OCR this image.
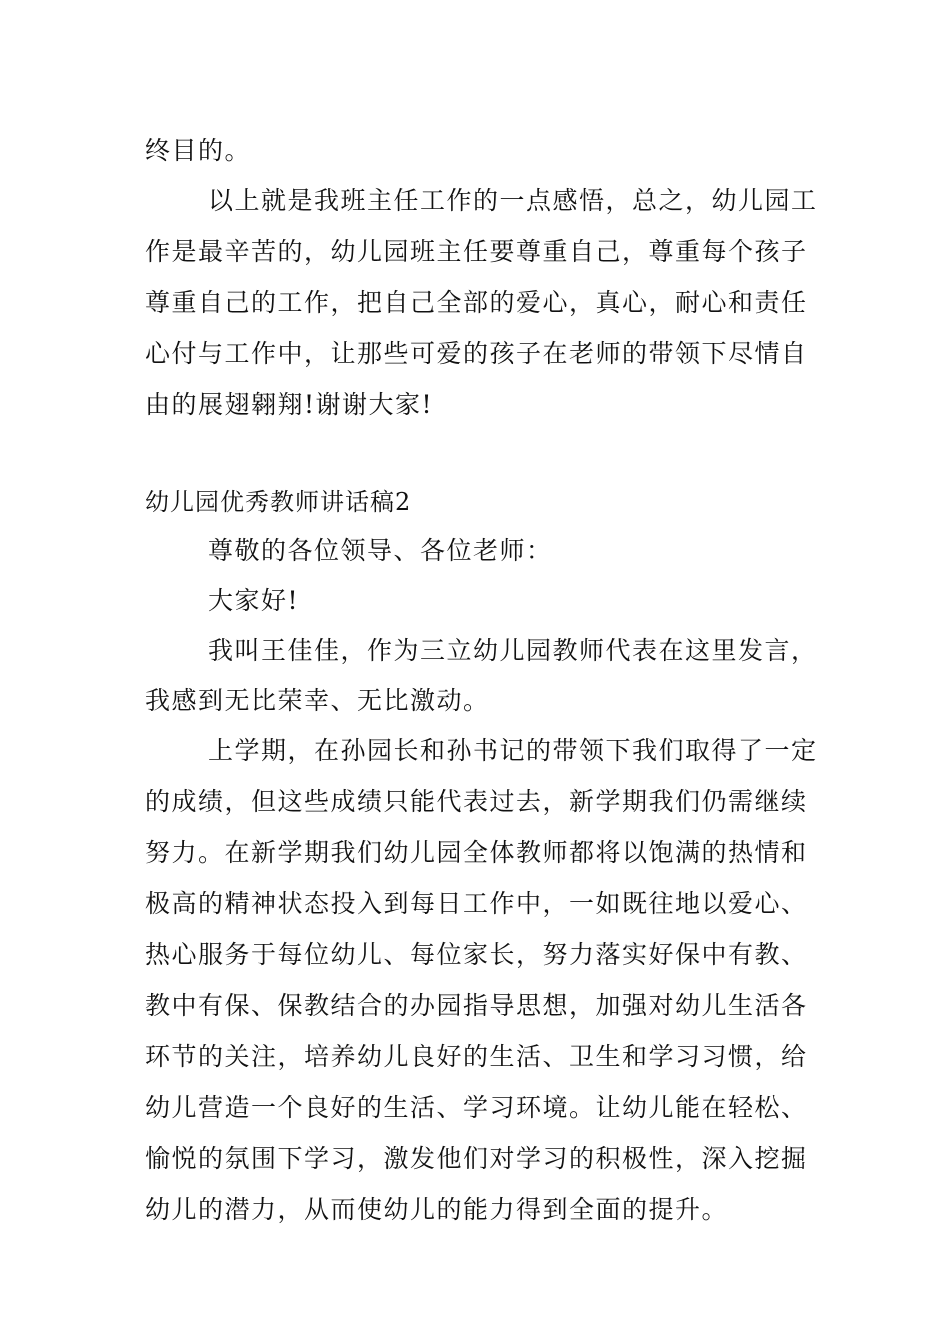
终目的。
以上就是我班主任工作的一点感悟，总之，幼儿园工
作是最辛苦的，幼儿园班主任要尊重自己，尊重每个孩子
尊重自己的工作，把自己全部的爱心，真心，耐心和责任
心付与工作中，让那些可爱的孩子在老师的带领下尽情自
由的展翅翱翔!谢谢大家!
幼儿园优秀教师讲话稿2
尊敬的各位领导、各位老师：
大家好!
我叫王佳佳，作为三立幼儿园教师代表在这里发言，
我感到无比荣幸、无比激动。
上学期，在孙园长和孙书记的带领下我们取得了一定
的成绩，但这些成绩只能代表过去，新学期我们仍需继续
努力。在新学期我们幼儿园全体教师都将以饱满的热情和
极高的精神状态投入到每日工作中，一如既往地以爱心、
热心服务于每位幼儿、每位家长，努力落实好保中有教、
教中有保、保教结合的办园指导思想，加强对幼儿生活各
环节的关注，培养幼儿良好的生活、卫生和学习习惯，给
幼儿营造一个良好的生活、学习环境。让幼儿能在轻松、
愉悦的氛围下学习，激发他们对学习的积极性，深入挖掘
幼儿的潜力，从而使幼儿的能力得到全面的提升。
